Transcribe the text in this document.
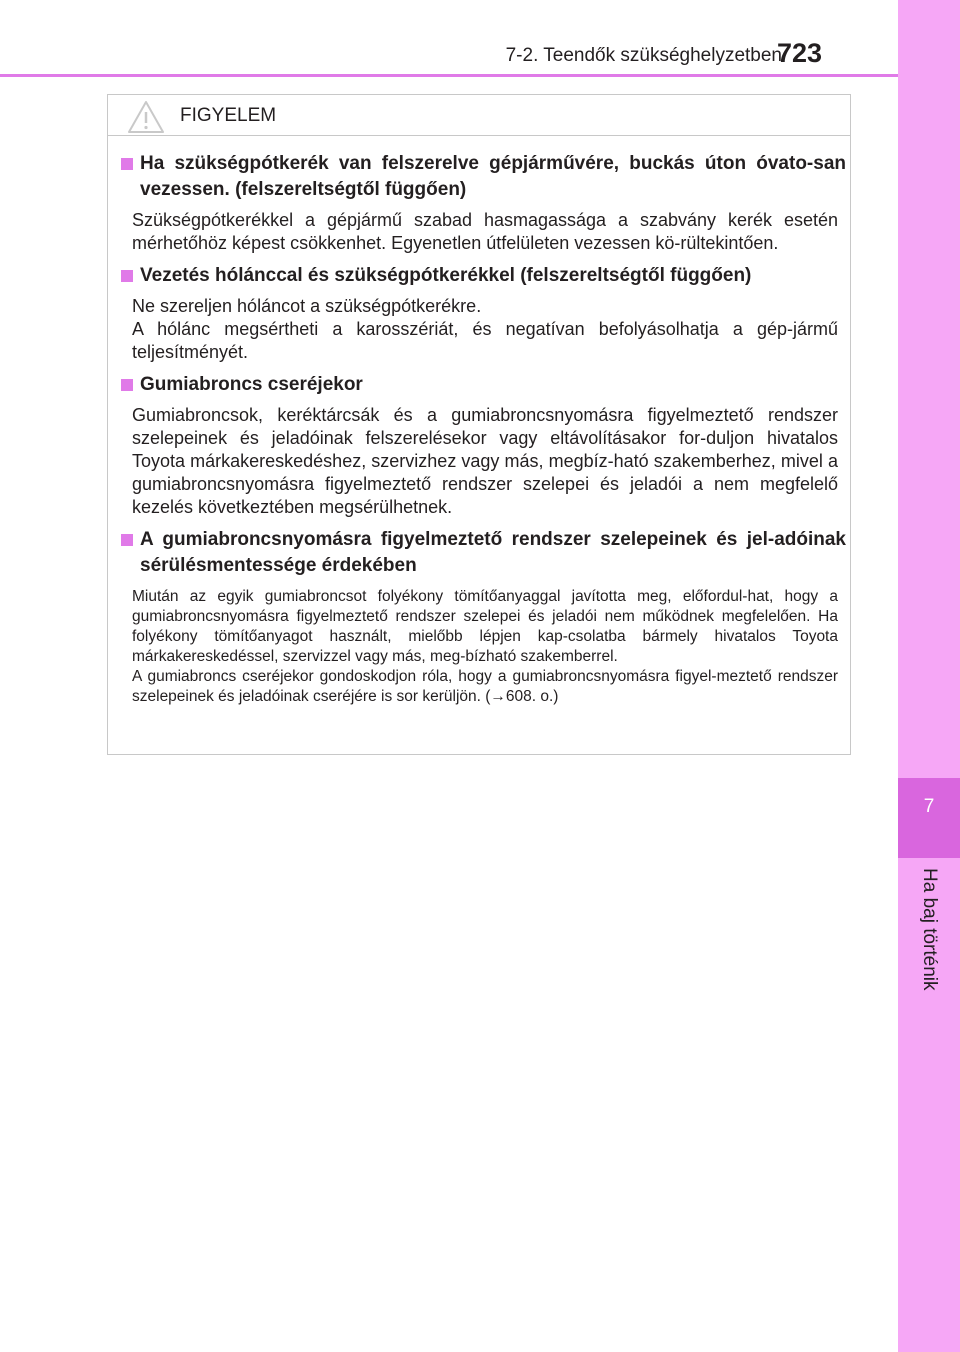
7-2. Teendők szükséghelyzetben
723
7
Ha baj történik
FIGYELEM
Ha szükségpótkerék van felszerelve gépjárművére, buckás úton óvato-san vezessen. (felszereltségtől függően)
Szükségpótkerékkel a gépjármű szabad hasmagassága a szabvány kerék esetén mérhetőhöz képest csökkenhet. Egyenetlen útfelületen vezessen kö-rültekintően.
Vezetés hólánccal és szükségpótkerékkel (felszereltségtől függően)
Ne szereljen hóláncot a szükségpótkerékre.
A hólánc megsértheti a karosszériát, és negatívan befolyásolhatja a gép-jármű teljesítményét.
Gumiabroncs cseréjekor
Gumiabroncsok, keréktárcsák és a gumiabroncsnyomásra figyelmeztető rendszer szelepeinek és jeladóinak felszerelésekor vagy eltávolításakor for-duljon hivatalos Toyota márkakereskedéshez, szervizhez vagy más, megbíz-ható szakemberhez, mivel a gumiabroncsnyomásra figyelmeztető rendszer szelepei és jeladói a nem megfelelő kezelés következtében megsérülhetnek.
A gumiabroncsnyomásra figyelmeztető rendszer szelepeinek és jel-adóinak sérülésmentessége érdekében
Miután az egyik gumiabroncsot folyékony tömítőanyaggal javította meg, előfordul-hat, hogy a gumiabroncsnyomásra figyelmeztető rendszer szelepei és jeladói nem működnek megfelelően. Ha folyékony tömítőanyagot használt, mielőbb lépjen kap-csolatba bármely hivatalos Toyota márkakereskedéssel, szervizzel vagy más, meg-bízható szakemberrel.
A gumiabroncs cseréjekor gondoskodjon róla, hogy a gumiabroncsnyomásra figyel-meztető rendszer szelepeinek és jeladóinak cseréjére is sor kerüljön. (→608. o.)
